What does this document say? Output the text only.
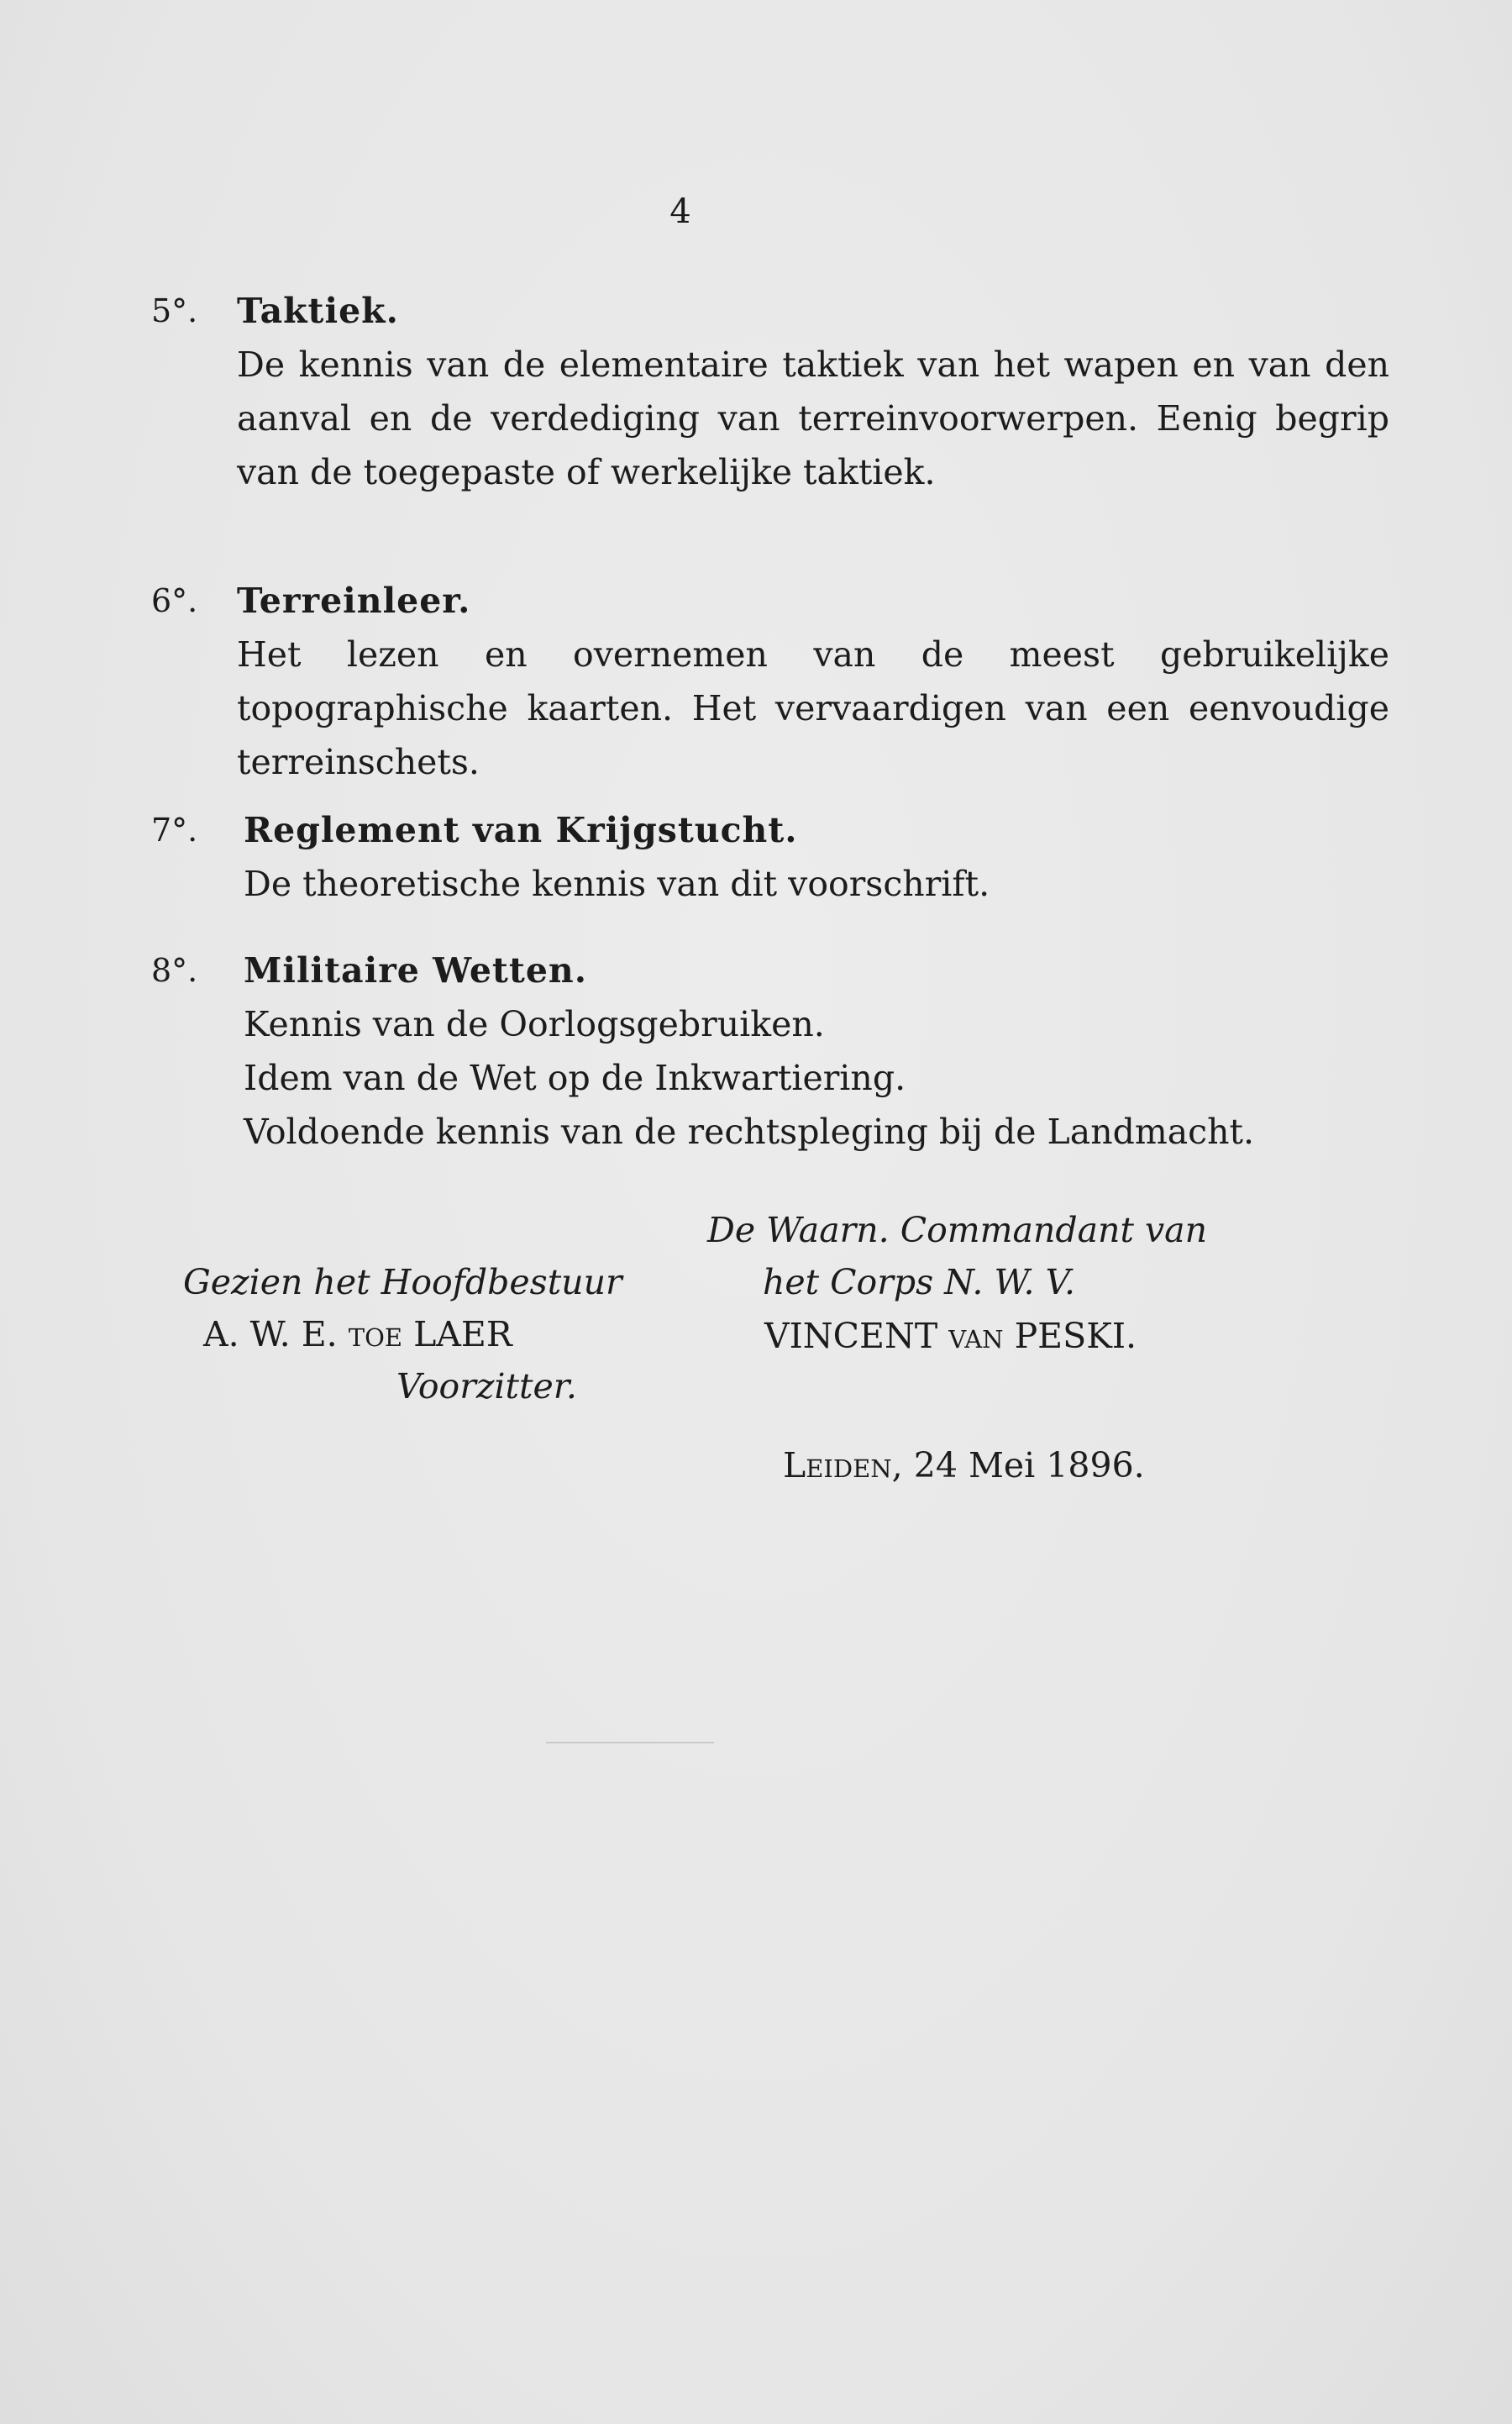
4
5°. Taktiek.

De kennis van de elementaire taktiek van het wapen en van den aanval en de verdediging van terreinvoorwerpen. Eenig begrip van de toegepaste of werkelijke taktiek.

6°. Terreinleer.

Het lezen en overnemen van de meest gebruikelijke topographische kaarten. Het vervaardigen van een eenvoudige terreinschets.

7°. Reglement van Krijgstucht.

De theoretische kennis van dit voorschrift.

8°. Militaire Wetten.

Kennis van de Oorlogsgebruiken.

Idem van de Wet op de Inkwartiering.

Voldoende kennis van de rechtspleging bij de Landmacht.

De Waarn. Commandant van
het Corps N. W. V.
VINCENT van PESKI.
Gezien het Hoofdbestuur
A. W. E. toe LAER
Voorzitter.
Leiden, 24 Mei 1896.
